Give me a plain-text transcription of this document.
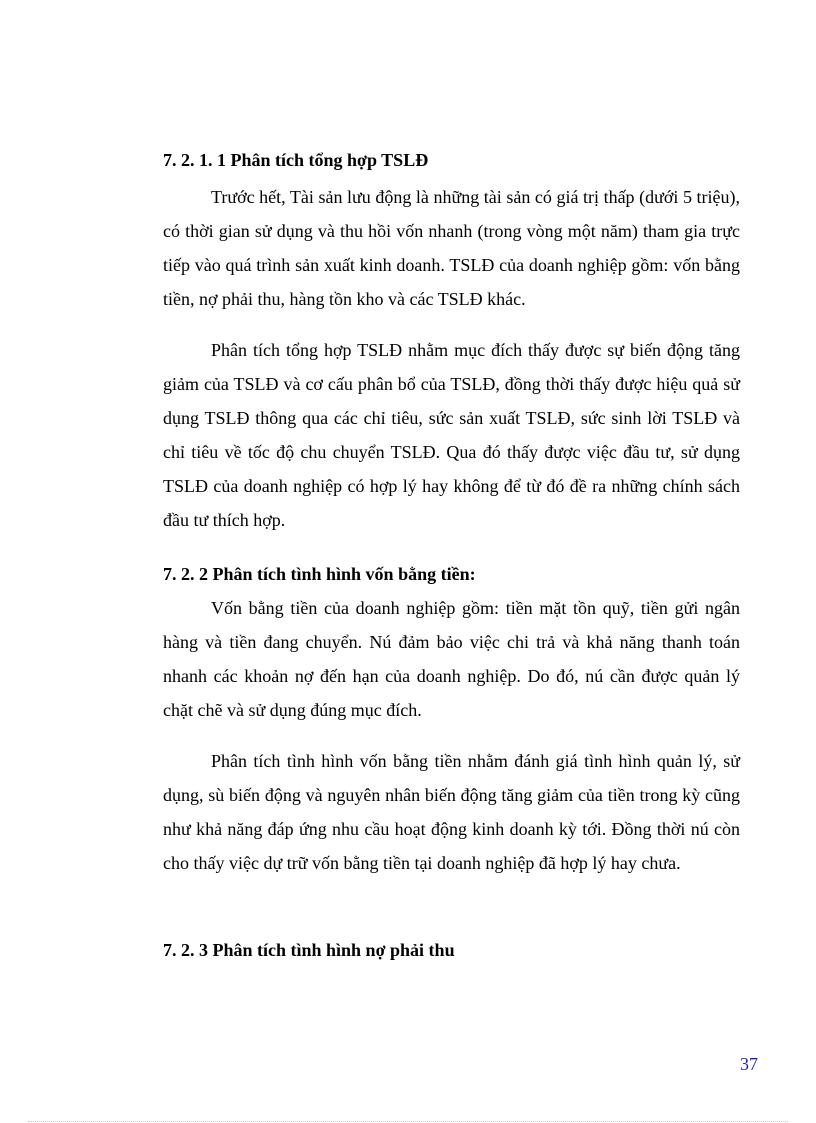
7. 2. 1. 1 Phân tích tổng hợp TSLĐ

Trước hết, Tài sản lưu động là những tài sản có giá trị thấp (dưới 5 triệu), có thời gian sử dụng và thu hồi vốn nhanh (trong vòng một năm) tham gia trực tiếp vào quá trình sản xuất kinh doanh. TSLĐ của doanh nghiệp gồm: vốn bằng tiền, nợ phải thu, hàng tồn kho và các TSLĐ khác.

Phân tích tổng hợp TSLĐ nhằm mục đích thấy được sự biến động tăng giảm của TSLĐ và cơ cấu phân bổ của TSLĐ, đồng thời thấy được hiệu quả sử dụng TSLĐ thông qua các chỉ tiêu, sức sản xuất TSLĐ, sức sinh lời TSLĐ và chỉ tiêu về tốc độ chu chuyển TSLĐ. Qua đó thấy được việc đầu tư, sử dụng TSLĐ của doanh nghiệp có hợp lý hay không để từ đó đề ra những chính sách đầu tư thích hợp.

7. 2. 2 Phân tích tình hình vốn bằng tiền:

Vốn bằng tiền của doanh nghiệp gồm: tiền mặt tồn quỹ, tiền gửi ngân hàng và tiền đang chuyển. Nú đảm bảo việc chi trả và khả năng thanh toán nhanh các khoản nợ đến hạn của doanh nghiệp. Do đó, nú cần được quản lý chặt chẽ và sử dụng đúng mục đích.

Phân tích tình hình vốn bằng tiền nhằm đánh giá tình hình quản lý, sử dụng, sù biến động và nguyên nhân biến động tăng giảm của tiền trong kỳ cũng như khả năng đáp ứng nhu cầu hoạt động kinh doanh kỳ tới. Đồng thời nú còn cho thấy việc dự trữ vốn bằng tiền tại doanh nghiệp đã hợp lý hay chưa.

7. 2. 3 Phân tích tình hình nợ phải thu
37
